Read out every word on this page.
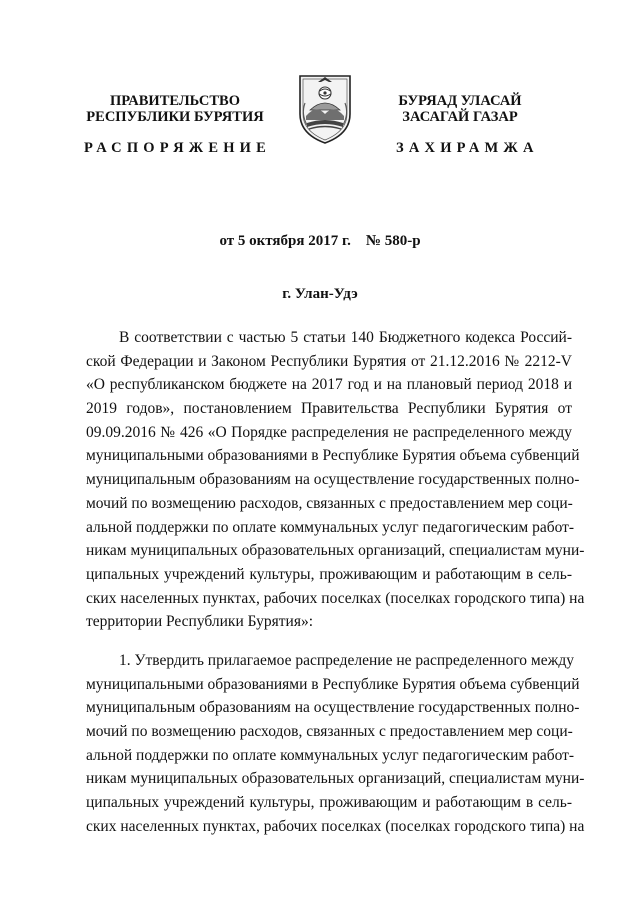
ПРАВИТЕЛЬСТВО
РЕСПУБЛИКИ БУРЯТИЯ
БУРЯАД УЛАСАЙ
ЗАСАГАЙ ГАЗАР
РАСПОРЯЖЕНИЕ	ЗАХИРАМЖА
от 5 октября 2017 г.    № 580-р
г. Улан-Удэ
В соответствии с частью 5 статьи 140 Бюджетного кодекса Россий-
ской Федерации и Законом Республики Бурятия от 21.12.2016 № 2212-V
«О республиканском бюджете на 2017 год и на плановый период 2018 и
2019 годов», постановлением Правительства Республики Бурятия от
09.09.2016 № 426 «О Порядке распределения не распределенного между
муниципальными образованиями в Республике Бурятия объема субвенций
муниципальным образованиям на осуществление государственных полно-
мочий по возмещению расходов, связанных с предоставлением мер соци-
альной поддержки по оплате коммунальных услуг педагогическим работ-
никам муниципальных образовательных организаций, специалистам муни-
ципальных учреждений культуры, проживающим и работающим в сель-
ских населенных пунктах, рабочих поселках (поселках городского типа) на
территории Республики Бурятия»:
1. Утвердить прилагаемое распределение не распределенного между
муниципальными образованиями в Республике Бурятия объема субвенций
муниципальным образованиям на осуществление государственных полно-
мочий по возмещению расходов, связанных с предоставлением мер соци-
альной поддержки по оплате коммунальных услуг педагогическим работ-
никам муниципальных образовательных организаций, специалистам муни-
ципальных учреждений культуры, проживающим и работающим в сель-
ских населенных пунктах, рабочих поселках (поселках городского типа) на
